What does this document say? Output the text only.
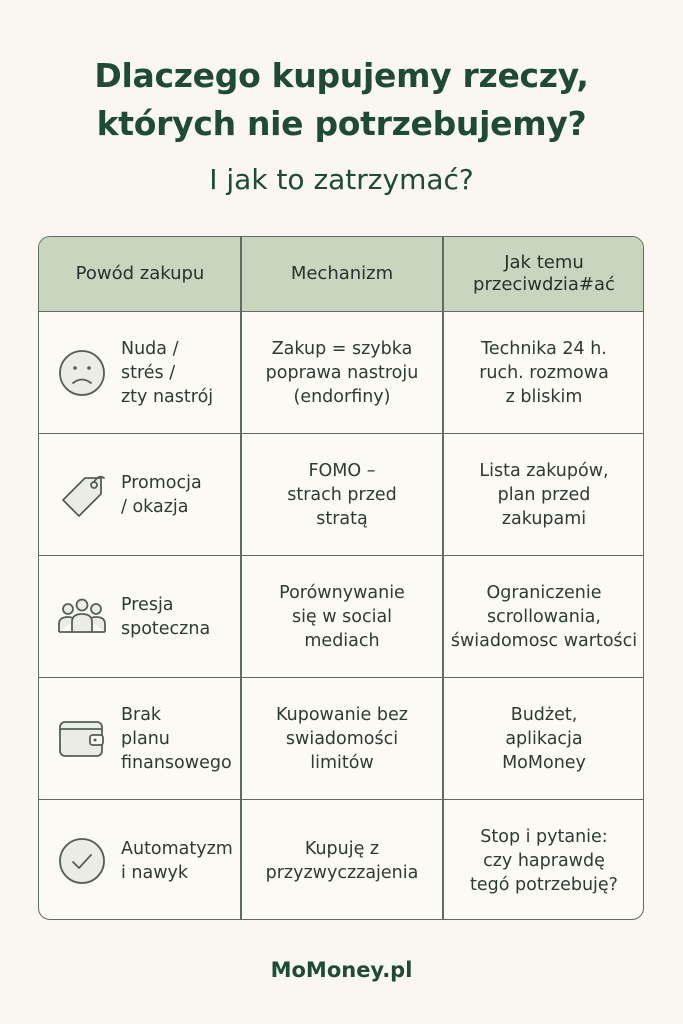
Dlaczego kupujemy rzeczy,
których nie potrzebujemy?
I jak to zatrzymać?
Powód zakupu	Mechanizm
Jak temu
przeciwdzia#ać
Nuda /
strés /
zty nastrój
Zakup = szybka
poprawa nastroju
(endorfiny)
Technika 24 h.
ruch. rozmowa
z bliskim
Promocja
/ okazja
FOMO –
strach przed
stratą
Lista zakupów,
plan przed
zakupami
Presja
spoteczna
Porównywanie
się w social
mediach
Ograniczenie
scrollowania,
świadomosc wartości
Brak
planu
finansowego
Kupowanie bez
swiadomości
limitów
Budżet,
aplikacja
MoMoney
Automatyzm
i nawyk
Kupuję z
przyzwyczzajenia
Stop i pytanie:
czy haprawdę
tegó potrzebuję?
MoMoney.pl
